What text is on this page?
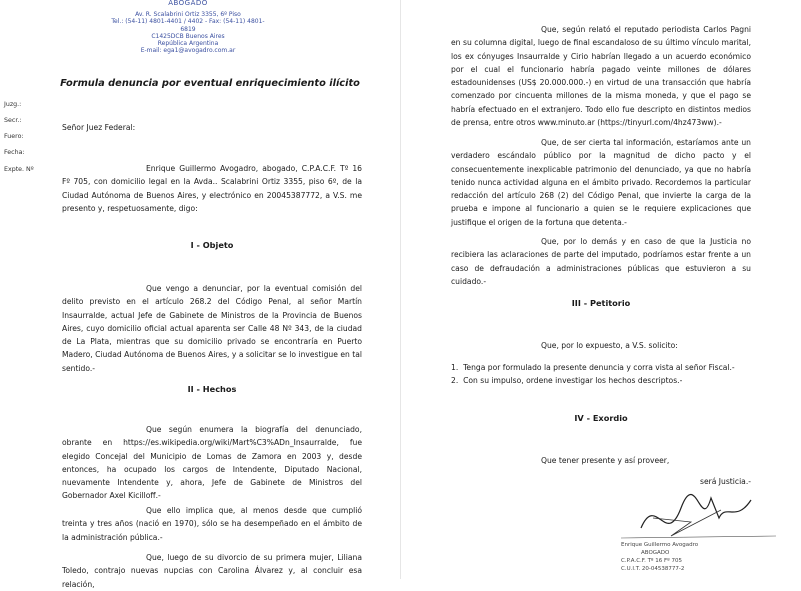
ABOGADO
Av. R. Scalabrini Ortiz 3355, 6º Piso
Tel.: (54-11) 4801-4401 / 4402 - Fax: (54-11) 4801-6819
C1425DCB Buenos Aires
República Argentina
E-mail: ega1@avogadro.com.ar
Formula denuncia por eventual enriquecimiento ilícito
Juzg.:
Secr.:
Fuero:
Fecha:
Expte. Nº
Señor Juez Federal:
Enrique Guillermo Avogadro, abogado, C.P.A.C.F. Tº 16 Fº 705, con domicilio legal en la Avda.. Scalabrini Ortiz 3355, piso 6º, de la Ciudad Autónoma de Buenos Aires, y electrónico en 20045387772, a V.S. me presento y, respetuosamente, digo:
I - Objeto
Que vengo a denunciar, por la eventual comisión del delito previsto en el artículo 268.2 del Código Penal, al señor Martín Insaurralde, actual Jefe de Gabinete de Ministros de la Provincia de Buenos Aires, cuyo domicilio oficial actual aparenta ser Calle 48 Nº 343, de la ciudad de La Plata, mientras que su domicilio privado se encontraría en Puerto Madero, Ciudad Autónoma de Buenos Aires, y a solicitar se lo investigue en tal sentido.-
II - Hechos
Que según enumera la biografía del denunciado, obrante en https://es.wikipedia.org/wiki/Mart%C3%ADn_Insaurralde, fue elegido Concejal del Municipio de Lomas de Zamora en 2003 y, desde entonces, ha ocupado los cargos de Intendente, Diputado Nacional, nuevamente Intendente y, ahora, Jefe de Gabinete de Ministros del Gobernador Axel Kicilloff.-
Que ello implica que, al menos desde que cumplió treinta y tres años (nació en 1970), sólo se ha desempeñado en el ámbito de la administración pública.-
Que, luego de su divorcio de su primera mujer, Liliana Toledo, contrajo nuevas nupcias con Carolina Álvarez y, al concluir esa relación,
Que, según relató el reputado periodista Carlos Pagni en su columna digital, luego de final escandaloso de su último vínculo marital, los ex cónyuges Insaurralde y Cirio habrían llegado a un acuerdo económico por el cual el funcionario habría pagado veinte millones de dólares estadounidenses (US$ 20.000.000.-) en virtud de una transacción que habría comenzado por cincuenta millones de la misma moneda, y que el pago se habría efectuado en el extranjero. Todo ello fue descripto en distintos medios de prensa, entre otros www.minuto.ar (https://tinyurl.com/4hz473ww).-
Que, de ser cierta tal información, estaríamos ante un verdadero escándalo público por la magnitud de dicho pacto y el consecuentemente inexplicable patrimonio del denunciado, ya que no habría tenido nunca actividad alguna en el ámbito privado. Recordemos la particular redacción del artículo 268 (2) del Código Penal, que invierte la carga de la prueba e impone al funcionario a quien se le requiere explicaciones que justifique el origen de la fortuna que detenta.-
Que, por lo demás y en caso de que la Justicia no recibiera las aclaraciones de parte del imputado, podríamos estar frente a un caso de defraudación a administraciones públicas que estuvieron a su cuidado.-
III - Petitorio
Que, por lo expuesto, a V.S. solicito:
1.  Tenga por formulado la presente denuncia y corra vista al señor Fiscal.-
2.  Con su impulso, ordene investigar los hechos descriptos.-
IV - Exordio
Que tener presente y así proveer,
será Justicia.-
Enrique Guillermo Avogadro
ABOGADO
C.P.A.C.F. Tº 16 Fº 705
C.U.I.T. 20-04538777-2
